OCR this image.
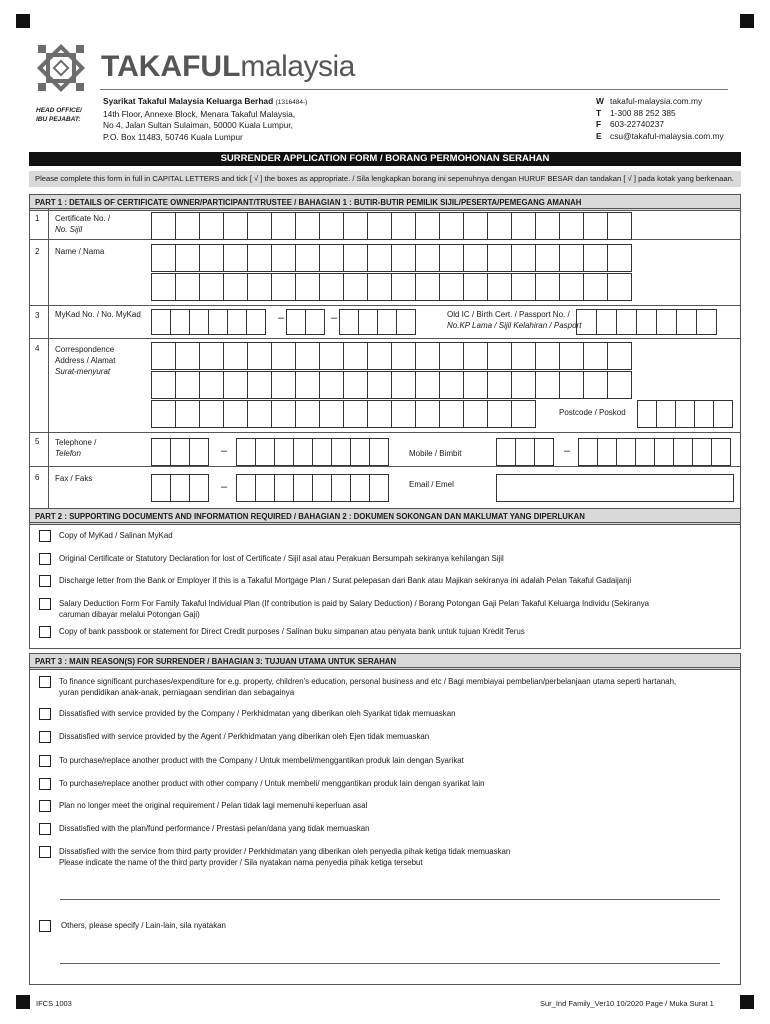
TAKAFULmalaysia
HEAD OFFICE/
IBU PEJABAT:
Syarikat Takaful Malaysia Keluarga Berhad (1316484-)
14th Floor, Annexe Block, Menara Takaful Malaysia,
No 4, Jalan Sultan Sulaiman, 50000 Kuala Lumpur,
P.O. Box 11483, 50746 Kuala Lumpur
W takaful-malaysia.com.my
T 1-300 88 252 385
F 603-22740237
E csu@takaful-malaysia.com.my
SURRENDER APPLICATION FORM / BORANG PERMOHONAN SERAHAN
Please complete this form in full in CAPITAL LETTERS and tick [ √ ] the boxes as appropriate. / Sila lengkapkan borang ini sepenuhnya dengan HURUF BESAR dan tandakan [ √ ] pada kotak yang berkenaan.
PART 1 : DETAILS OF CERTIFICATE OWNER/PARTICIPANT/TRUSTEE / BAHAGIAN 1 : BUTIR-BUTIR PEMILIK SIJIL/PESERTA/PEMEGANG AMANAH
1 Certificate No. /
No. Sijil
2 Name / Nama
3 MyKad No. / No. MyKad	–	–	Old IC / Birth Cert. / Passport No. /
No.KP Lama / Sijil Kelahiran / Pasport
4 Correspondence
Address / Alamat
Surat-menyurat
Postcode / Poskod
5 Telephone /
Telefon	–	Mobile / Bimbit	–
6 Fax / Faks
–	Email / Emel
PART 2 : SUPPORTING DOCUMENTS AND INFORMATION REQUIRED / BAHAGIAN 2 : DOKUMEN SOKONGAN DAN MAKLUMAT YANG DIPERLUKAN
Copy of MyKad / Salinan MyKad
Original Certificate or Statutory Declaration for lost of Certificate / Sijil asal atau Perakuan Bersumpah sekiranya kehilangan Sijil
Discharge letter from the Bank or Employer if this is a Takaful Mortgage Plan / Surat pelepasan dari Bank atau Majikan sekiranya ini adalah Pelan Takaful Gadaijanji
Salary Deduction Form For Family Takaful Individual Plan (If contribution is paid by Salary Deduction) / Borang Potongan Gaji Pelan Takaful Keluarga Individu (Sekiranya
caruman dibayar melalui Potongan Gaji)
Copy of bank passbook or statement for Direct Credit purposes / Salinan buku simpanan atau penyata bank untuk tujuan Kredit Terus
PART 3 : MAIN REASON(S) FOR SURRENDER / BAHAGIAN 3: TUJUAN UTAMA UNTUK SERAHAN
To finance significant purchases/expenditure for e.g. property, children's education, personal business and etc / Bagi membiayai pembelian/perbelanjaan utama seperti hartanah,
yuran pendidikan anak-anak, perniagaan sendirian dan sebagainya
Dissatisfied with service provided by the Company / Perkhidmatan yang diberikan oleh Syarikat tidak memuaskan
Dissatisfied with service provided by the Agent / Perkhidmatan yang diberikan oleh Ejen tidak memuaskan
To purchase/replace another product with the Company / Untuk membeli/menggantikan produk lain dengan Syarikat
To purchase/replace another product with other company / Untuk membeli/ menggantikan produk lain dengan syarikat lain
Plan no longer meet the original requirement / Pelan tidak lagi memenuhi keperluan asal
Dissatisfied with the plan/fund performance / Prestasi pelan/dana yang tidak memuaskan
Dissatisfied with the service from third party provider / Perkhidmatan yang diberikan oleh penyedia pihak ketiga tidak memuaskan
Please indicate the name of the third party provider / Sila nyatakan nama penyedia pihak ketiga tersebut
Others, please specify / Lain-lain, sila nyatakan
IFCS 1003	Sur_Ind Family_Ver10 10/2020 Page / Muka Surat 1
